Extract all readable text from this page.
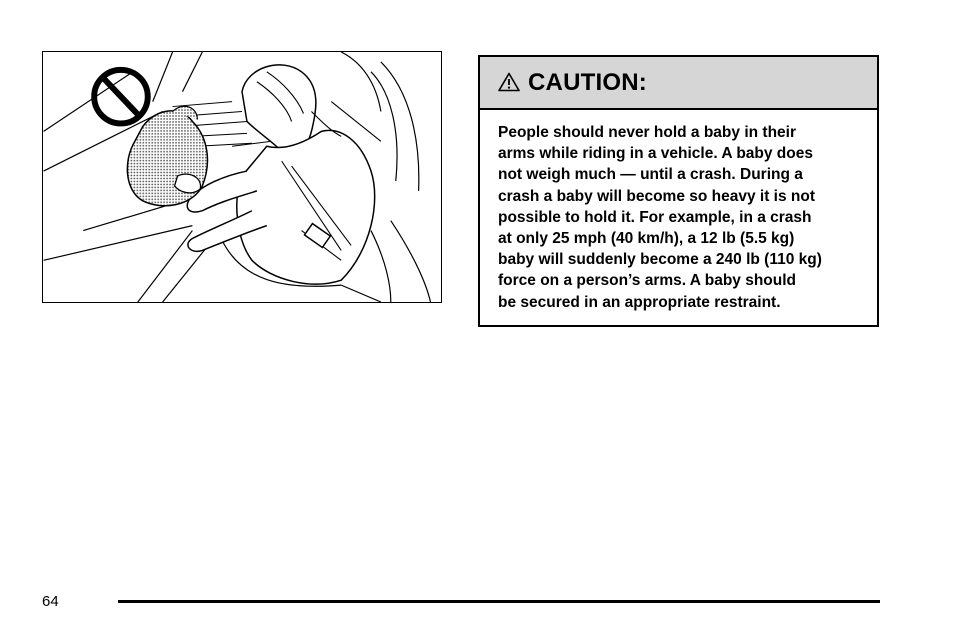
CAUTION:

People should never hold a baby in their
arms while riding in a vehicle. A baby does
not weigh much — until a crash. During a
crash a baby will become so heavy it is not
possible to hold it. For example, in a crash
at only 25 mph (40 km/h), a 12 lb (5.5 kg)
baby will suddenly become a 240 lb (110 kg)
force on a person’s arms. A baby should
be secured in an appropriate restraint.

64
